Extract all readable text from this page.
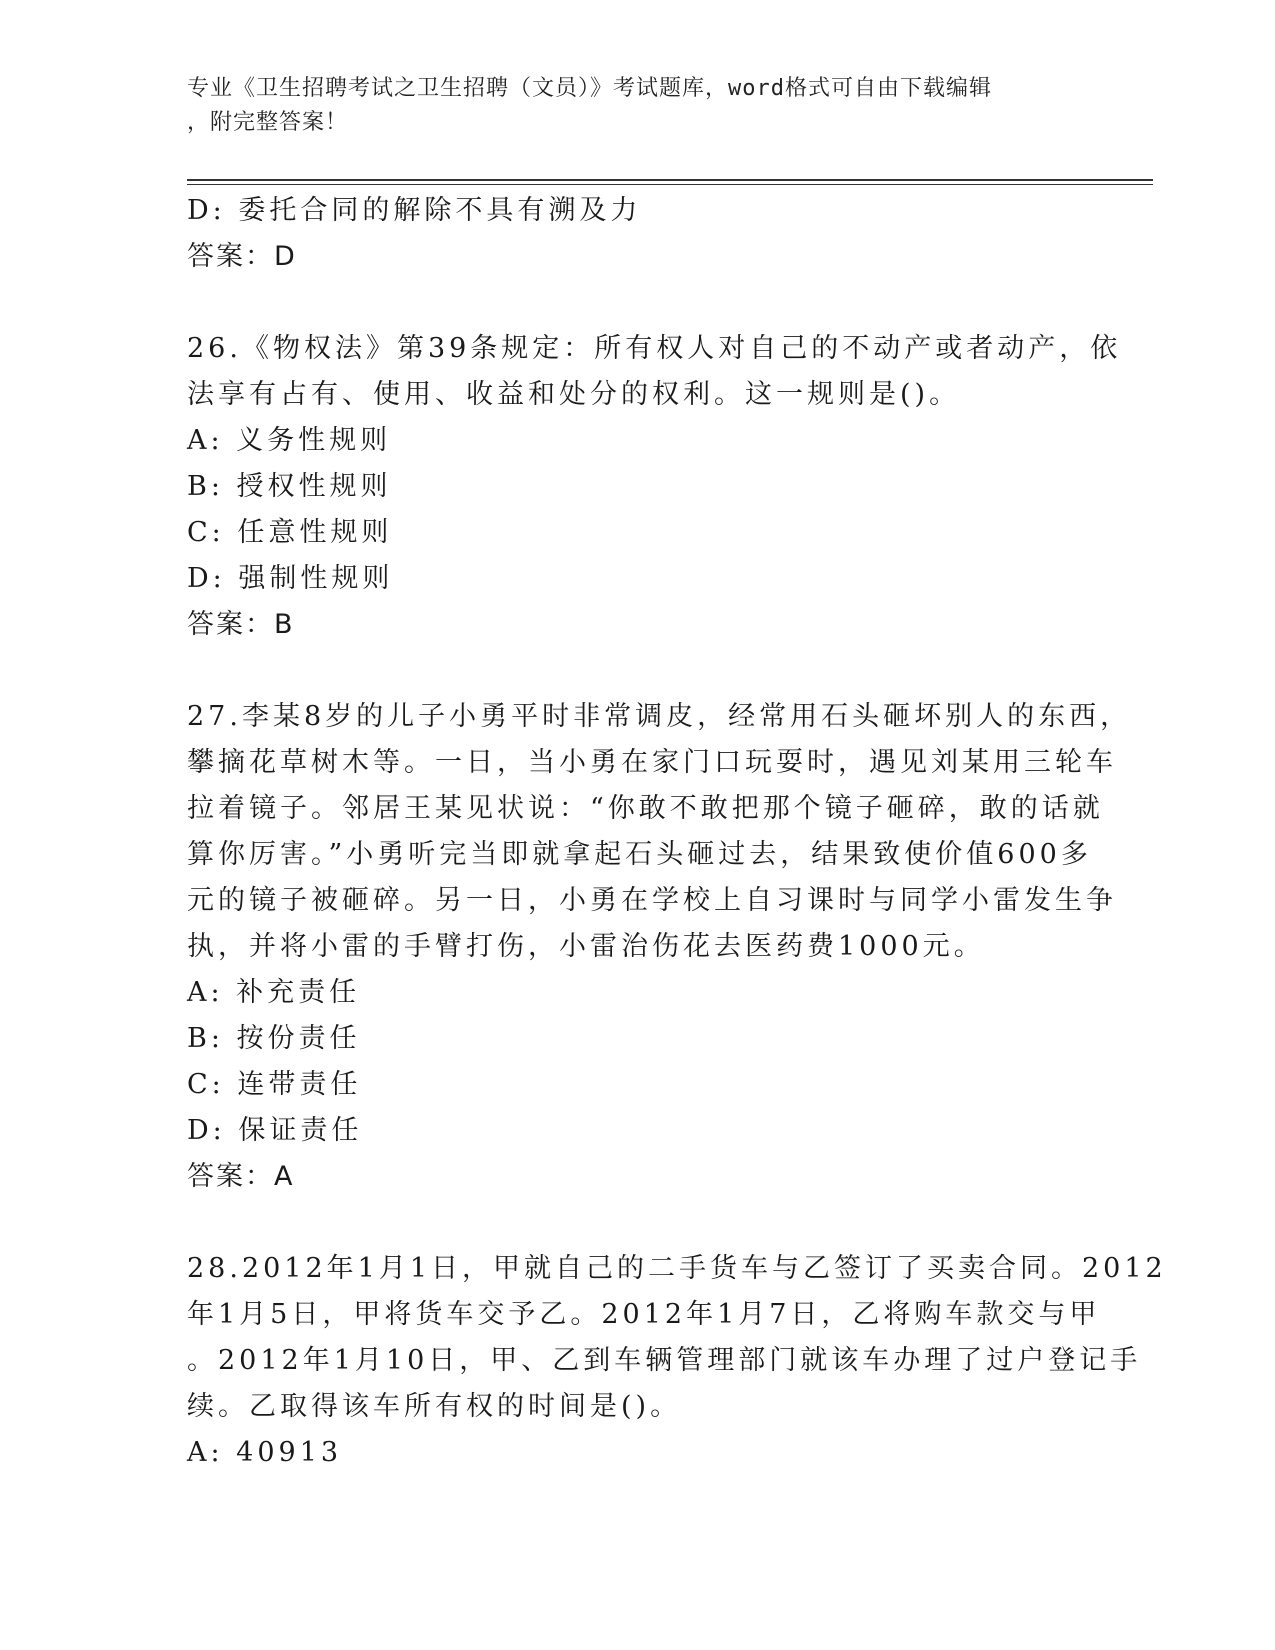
专业《卫生招聘考试之卫生招聘（文员）》考试题库，word格式可自由下载编辑
，附完整答案！
D: 委托合同的解除不具有溯及力
答案：D
26.《物权法》第39条规定：所有权人对自己的不动产或者动产，依
法享有占有、使用、收益和处分的权利。这一规则是()。
A: 义务性规则
B: 授权性规则
C: 任意性规则
D: 强制性规则
答案：B
27.李某8岁的儿子小勇平时非常调皮，经常用石头砸坏别人的东西，
攀摘花草树木等。一日，当小勇在家门口玩耍时，遇见刘某用三轮车
拉着镜子。邻居王某见状说：“你敢不敢把那个镜子砸碎，敢的话就
算你厉害。”小勇听完当即就拿起石头砸过去，结果致使价值600多
元的镜子被砸碎。另一日，小勇在学校上自习课时与同学小雷发生争
执，并将小雷的手臂打伤，小雷治伤花去医药费1000元。
A: 补充责任
B: 按份责任
C: 连带责任
D: 保证责任
答案：A
28.2012年1月1日，甲就自己的二手货车与乙签订了买卖合同。2012
年1月5日，甲将货车交予乙。2012年1月7日，乙将购车款交与甲
。2012年1月10日，甲、乙到车辆管理部门就该车办理了过户登记手
续。乙取得该车所有权的时间是()。
A: 40913
